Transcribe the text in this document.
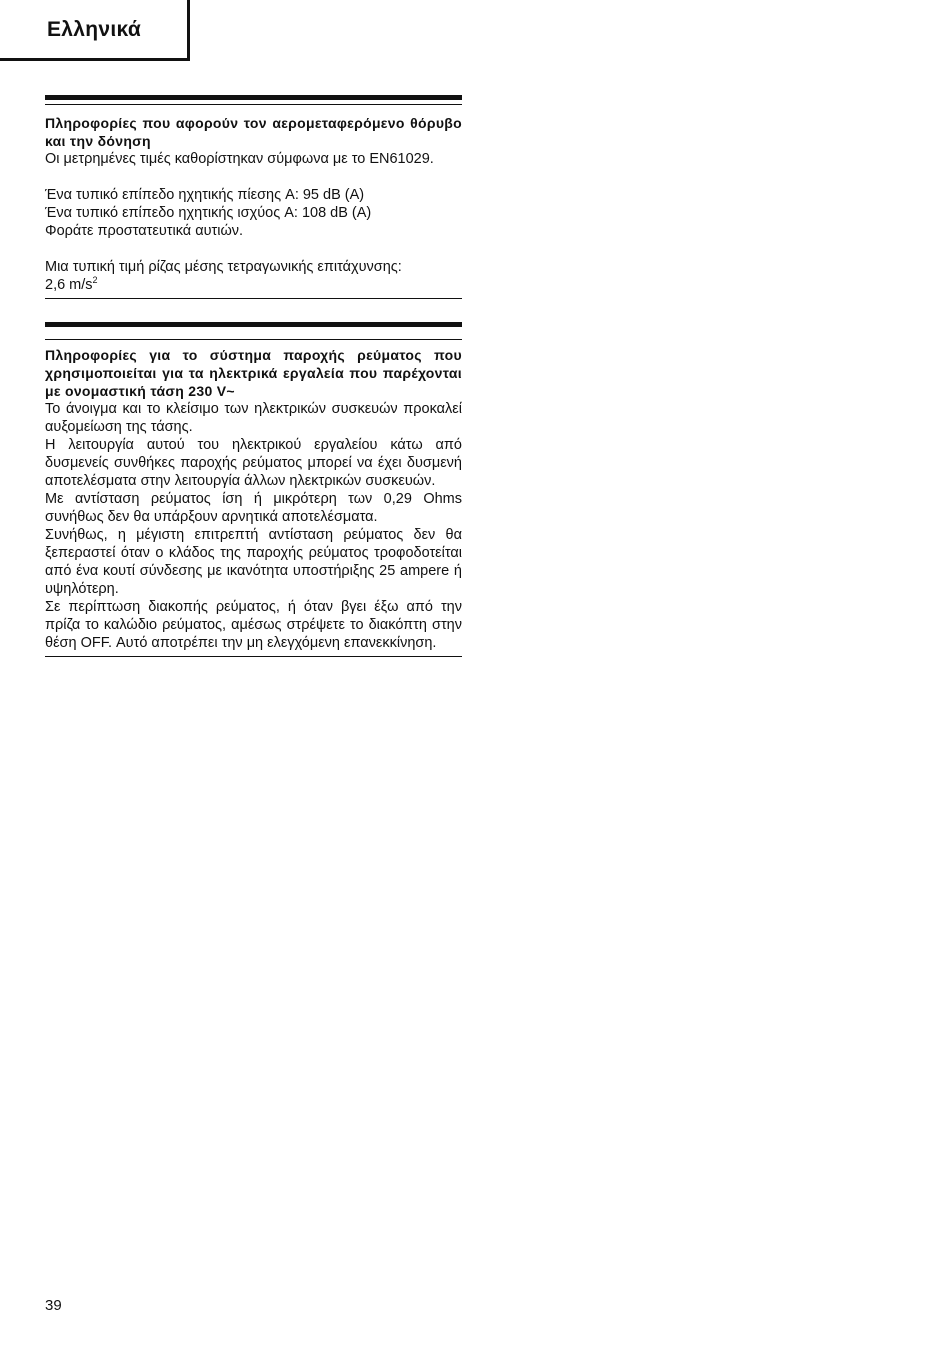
Ελληνικά
Πληροφορίες που αφορούν τον αερομεταφερόμενο θόρυβο και την δόνηση
Οι μετρημένες τιμές καθορίστηκαν σύμφωνα με το EN61029.
Ένα τυπικό επίπεδο ηχητικής πίεσης A: 95 dB (A)
Ένα τυπικό επίπεδο ηχητικής ισχύος A: 108 dB (A)
Φοράτε προστατευτικά αυτιών.
Μια τυπική τιμή ρίζας μέσης τετραγωνικής επιτάχυνσης:
2,6 $m/s^2$
Πληροφορίες για το σύστημα παροχής ρεύματος που χρησιμοποιείται για τα ηλεκτρικά εργαλεία που παρέχονται με ονομαστική τάση 230 V~
Το άνοιγμα και το κλείσιμο των ηλεκτρικών συσκευών προκαλεί αυξομείωση της τάσης.
Η λειτουργία αυτού του ηλεκτρικού εργαλείου κάτω από δυσμενείς συνθήκες παροχής ρεύματος μπορεί να έχει δυσμενή αποτελέσματα στην λειτουργία άλλων ηλεκτρικών συσκευών.
Με αντίσταση ρεύματος ίση ή μικρότερη των 0,29 Ohms συνήθως δεν θα υπάρξουν αρνητικά αποτελέσματα.
Συνήθως, η μέγιστη επιτρεπτή αντίσταση ρεύματος δεν θα ξεπεραστεί όταν ο κλάδος της παροχής ρεύματος τροφοδοτείται από ένα κουτί σύνδεσης με ικανότητα υποστήριξης 25 ampere ή υψηλότερη.
Σε περίπτωση διακοπής ρεύματος, ή όταν βγει έξω από την πρίζα το καλώδιο ρεύματος, αμέσως στρέψετε το διακόπτη στην θέση OFF. Αυτό αποτρέπει την μη ελεγχόμενη επανεκκίνηση.
39
